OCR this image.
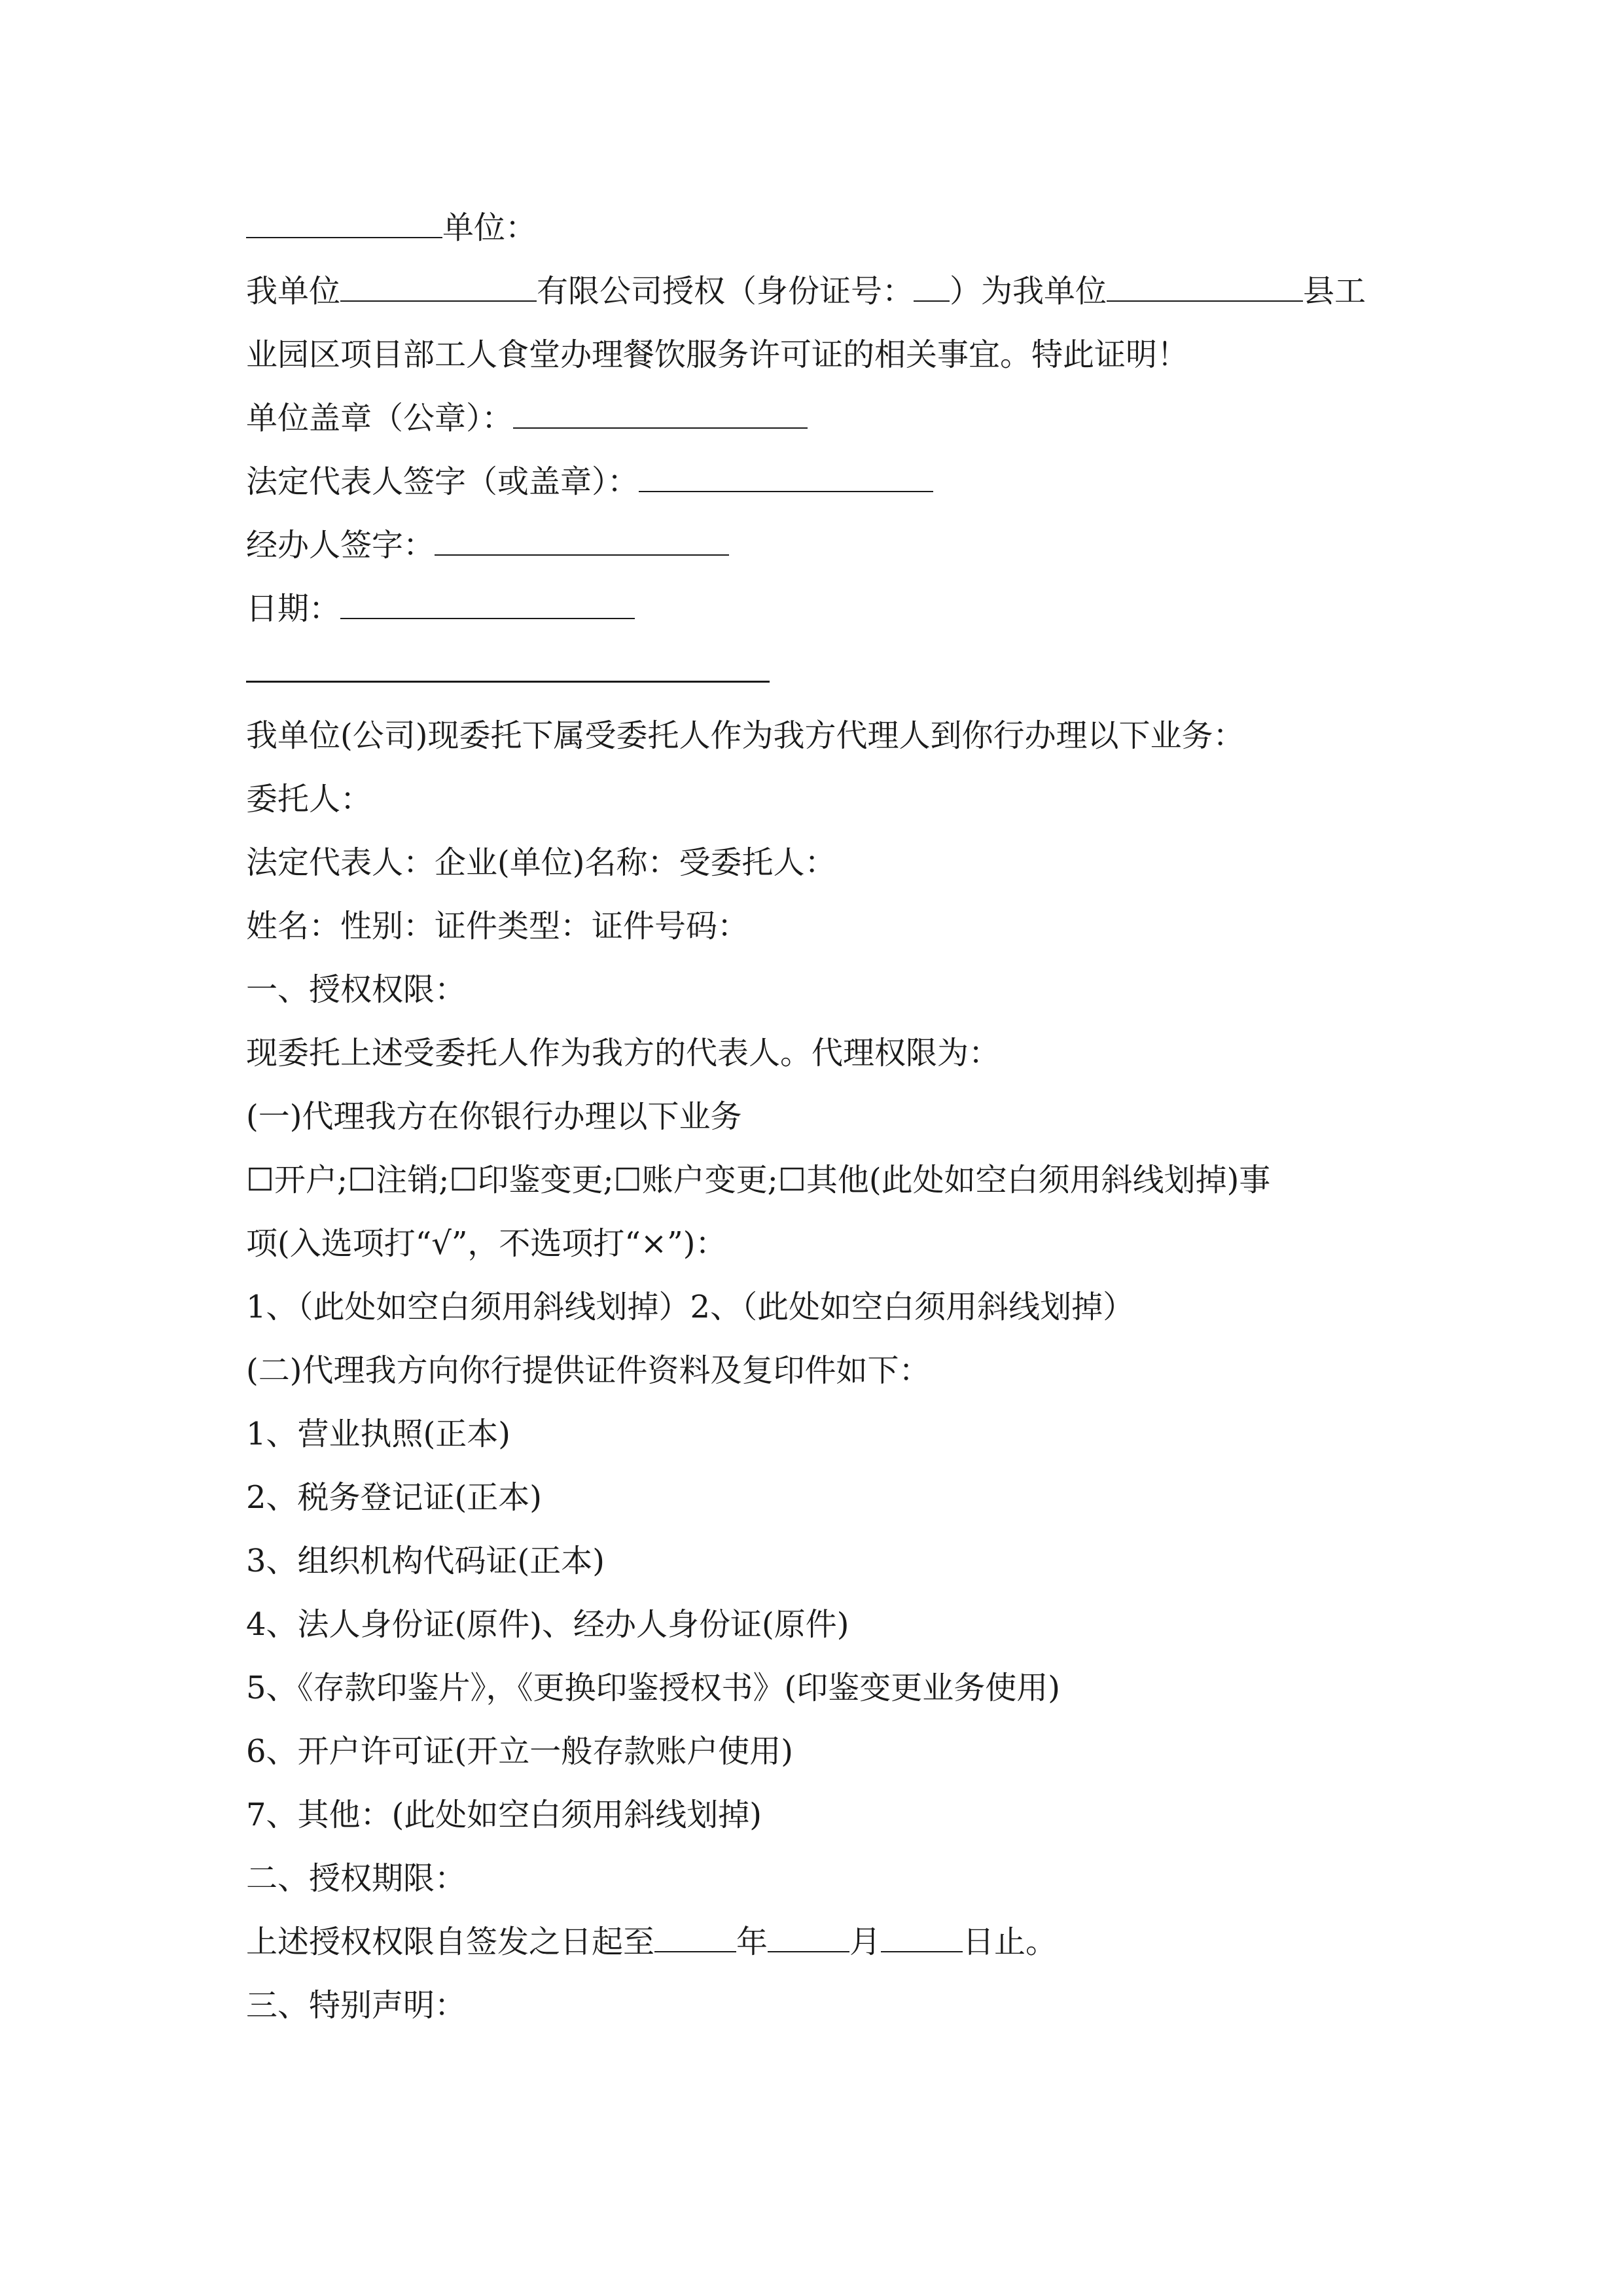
单位：
我单位	有限公司授权（身份证号： ）为我单位	县工
业园区项目部工人食堂办理餐饮服务许可证的相关事宜。特此证明！
单位盖章（公章）：
法定代表人签字（或盖章）：
经办人签字：
日期：
我单位(公司)现委托下属受委托人作为我方代理人到你行办理以下业务：
委托人：
法定代表人：企业(单位)名称：受委托人：
姓名：性别：证件类型：证件号码：
一、授权权限：
现委托上述受委托人作为我方的代表人。代理权限为：
(一)代理我方在你银行办理以下业务
☐开户;☐注销;☐印鉴变更;☐账户变更;☐其他(此处如空白须用斜线划掉)事
项(入选项打“√”，不选项打“×”)：
1、（此处如空白须用斜线划掉）2、（此处如空白须用斜线划掉）
(二)代理我方向你行提供证件资料及复印件如下：
1、营业执照(正本)
2、税务登记证(正本)
3、组织机构代码证(正本)
4、法人身份证(原件)、经办人身份证(原件)
5、《存款印鉴片》，《更换印鉴授权书》(印鉴变更业务使用)
6、开户许可证(开立一般存款账户使用)
7、其他：(此处如空白须用斜线划掉)
二、授权期限：
上述授权权限自签发之日起至	年	月	日止。
三、特别声明：
